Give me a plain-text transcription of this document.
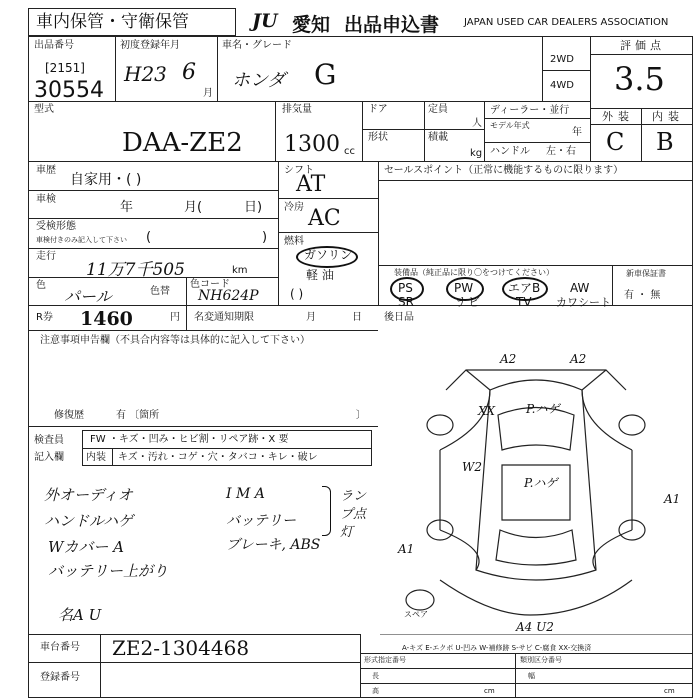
車内保管・守衛保管	JU 愛知 出品申込書 JAPAN USED CAR DEALERS ASSOCIATION
出品番号
[2151]
30554
初度登録年月
H23 6
月
車名・グレード
ホンダ G	2WD
4WD
評価点
3.5
外装 内装
C B
型式
DAA-ZE2
排気量
1300 cc
ドア	定員
人
形状	積載
kg
ディーラー・並行
モデル年式
年
ハンドル 左・右
車歴
自家用・( )
車検
年	月(	日)
受検形態
車検付きのみ記入して下さい (	)
走行
11万7千505	km
色
パール	色替
色コード
NH624P
シフト
AT
冷房 AC
燃料
ガソリン
軽 油
( )
セールスポイント（正常に機能するものに限ります）
装備品（純正品に限り〇をつけてください）
PS	PW	エアB AW
SR	ナビ	TV カワシート
新車保証書
有 ・ 無
R券 1460	円 名変通知期限	月	日 後日品
注意事項申告欄（不具合内容等は具体的に記入して下さい）
修復歴	有 〔箇所	〕
検査員
記入欄
FW ・キズ・凹み・ヒビ割・リペア跡・X 要
内装 キズ・汚れ・コゲ・穴・タバコ・キレ・破レ
外オーディオ
ハンドルハゲ
Wカバー A
バッテリー上がり
名A U
I M A
バッテリー
ブレーキ, ABS
ランプ点灯
車台番号 ZE2-1304468
登録番号
A2	A2
XX	P.ハゲ
W2
P.ハゲ
A1
A1
スペア
A4 U2
A-キズ E-エクボ U-凹み W-補修跡 S-サビ C-腐食 XX-交換済
形式指定番号	類別区分番号
長	幅
高	cm	cm
